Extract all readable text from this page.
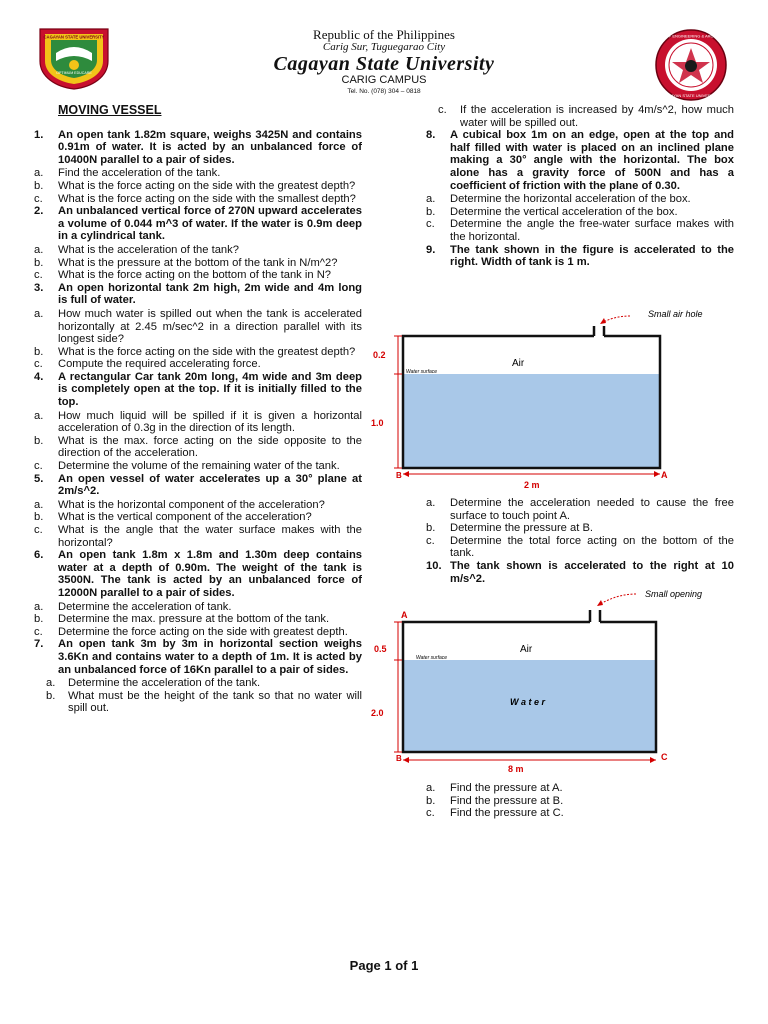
CAGAYAN STATE UNIVERSITY
OPTIMUM EDUCARE
COLLEGE OF ENGINEERING & ARCHITECTURE
CAGAYAN STATE UNIVERSITY
Republic of the Philippines
Carig Sur, Tuguegarao City
Cagayan State University
CARIG CAMPUS
Tel. No. (078) 304 – 0818
MOVING VESSEL
1.	An open tank 1.82m square, weighs 3425N and contains 0.91m of water. It is acted by an unbalanced force of 10400N parallel to a pair of sides.
a.	Find the acceleration of the tank.
b.	What is the force acting on the side with the greatest depth?
c.	What is the force acting on the side with the smallest depth?
2.	An unbalanced vertical force of 270N upward accelerates a volume of 0.044 m^3 of water. If the water is 0.9m deep in a cylindrical tank.
a.	What is the acceleration of the tank?
b.	What is the pressure at the bottom of the tank in N/m^2?
c.	What is the force acting on the bottom of the tank in N?
3.	An open horizontal tank 2m high, 2m wide and 4m long is full of water.
a.	How much water is spilled out when the tank is accelerated horizontally at 2.45 m/sec^2 in a direction parallel with its longest side?
b.	What is the force acting on the side with the greatest depth?
c.	Compute the required accelerating force.
4.	A rectangular Car tank 20m long, 4m wide and 3m deep is completely open at the top. If it is initially filled to the top.
a.	How much liquid will be spilled if it is given a horizontal acceleration of 0.3g in the direction of its length.
b.	What is the max. force acting on the side opposite to the direction of the acceleration.
c.	Determine the volume of the remaining water of the tank.
5.	An open vessel of water accelerates up a 30° plane at 2m/s^2.
a.	What is the horizontal component of the acceleration?
b.	What is the vertical component of the acceleration?
c.	What is the angle that the water surface makes with the horizontal?
6.	An open tank 1.8m x 1.8m and 1.30m deep contains water at a depth of 0.90m. The weight of the tank is 3500N. The tank is acted by an unbalanced force of 12000N parallel to a pair of sides.
a.	Determine the acceleration of tank.
b.	Determine the max. pressure at the bottom of the tank.
c.	Determine the force acting on the side with greatest depth.
7.	An open tank 3m by 3m in horizontal section weighs 3.6Kn and contains water to a depth of 1m. It is acted by an unbalanced force of 16Kn parallel to a pair of sides.
a.	Determine the acceleration of the tank.
b.	What must be the height of the tank so that no water will spill out.
c.	If the acceleration is increased by 4m/s^2, how much water will be spilled out.
8.	A cubical box 1m on an edge, open at the top and half filled with water is placed on an inclined plane making a 30° angle with the horizontal. The box alone has a gravity force of 500N and has a coefficient of friction with the plane of 0.30.
a.	Determine the horizontal acceleration of the box.
b.	Determine the vertical acceleration of the box.
c.	Determine the angle the free-water surface makes with the horizontal.
9.	The tank shown in the figure is accelerated to the right. Width of tank is 1 m.
Small air hole
Air
Water surface
0.2
1.0
2 m
B	A
a.	Determine the acceleration needed to cause the free surface to touch point A.
b.	Determine the pressure at B.
c.	Determine the total force acting on the bottom of the tank.
10. The tank shown is accelerated to the right at 10 m/s^2.
Small opening
Air
Water surface
W a t e r
A
0.5
2.0
8 m
B	C
a.	Find the pressure at A.
b.	Find the pressure at B.
c.	Find the pressure at C.
Page 1 of 1
